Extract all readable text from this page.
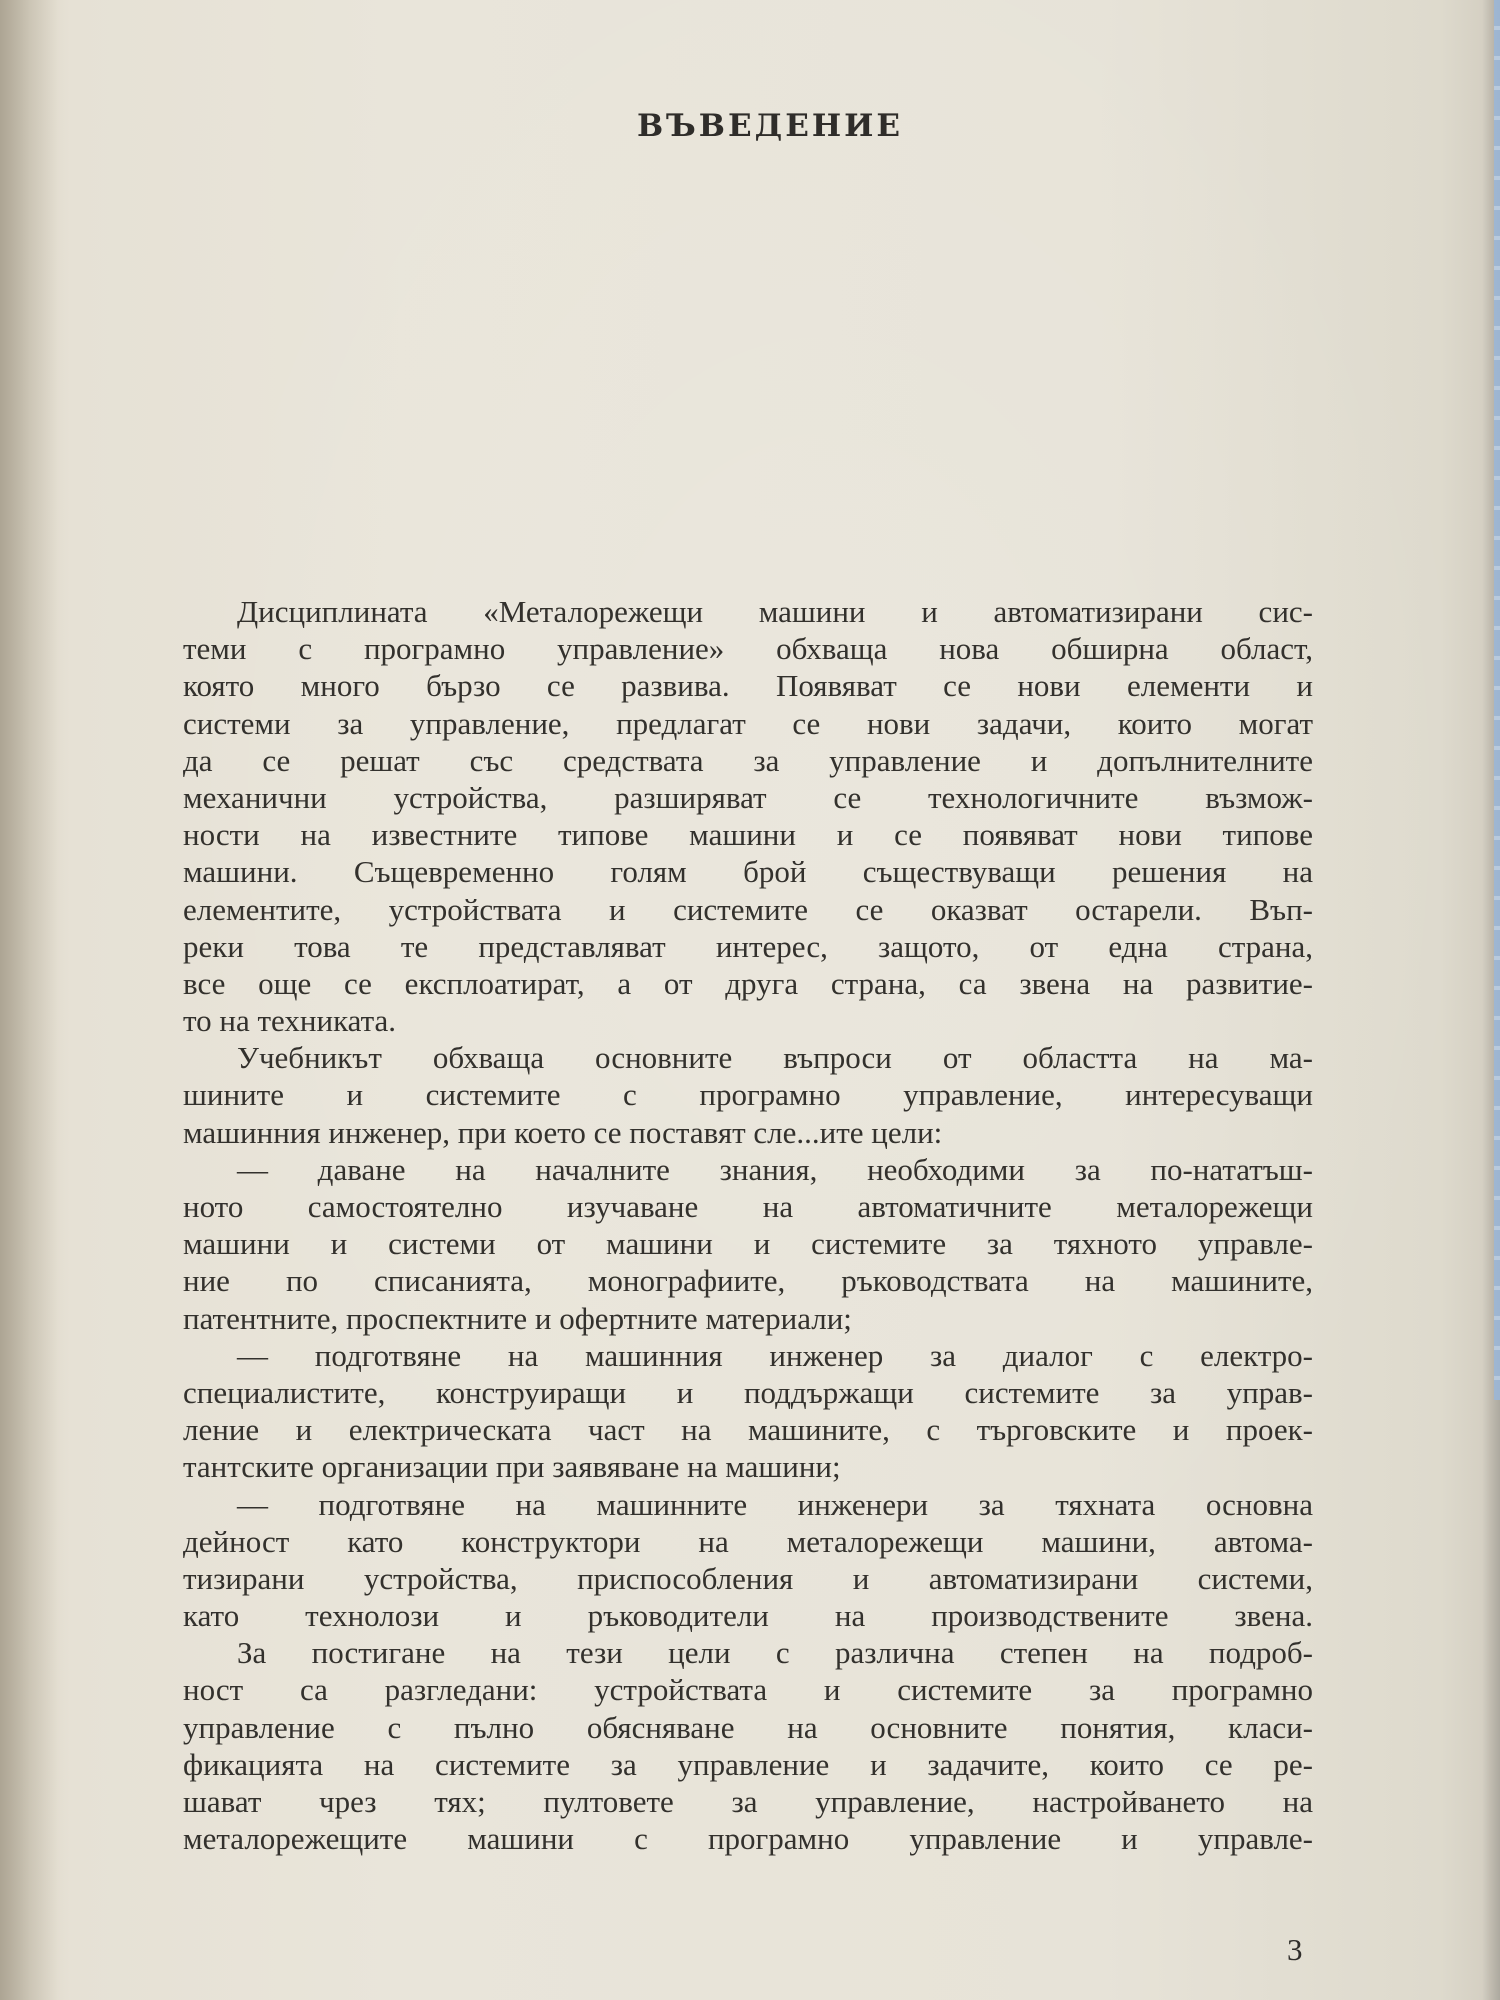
ВЪВЕДЕНИЕ
Дисциплината «Металорежещи машини и автоматизирани сис-
теми с програмно управление» обхваща нова обширна област,
която много бързо се развива. Появяват се нови елементи и
системи за управление, предлагат се нови задачи, които могат
да се решат със средствата за управление и допълнителните
механични устройства, разширяват се технологичните възмож-
ности на известните типове машини и се появяват нови типове
машини. Същевременно голям брой съществуващи решения на
елементите, устройствата и системите се оказват остарели. Въп-
реки това те представляват интерес, защото, от една страна,
все още се експлоатират, а от друга страна, са звена на развитие-
то на техниката.
Учебникът обхваща основните въпроси от областта на ма-
шините и системите с програмно управление, интересуващи
машинния инженер, при което се поставят сле...ите цели:
— даване на началните знания, необходими за по-нататъш-
ното самостоятелно изучаване на автоматичните металорежещи
машини и системи от машини и системите за тяхното управле-
ние по списанията, монографиите, ръководствата на машините,
патентните, проспектните и офертните материали;
— подготвяне на машинния инженер за диалог с електро-
специалистите, конструиращи и поддържащи системите за управ-
ление и електрическата част на машините, с търговските и проек-
тантските организации при заявяване на машини;
— подготвяне на машинните инженери за тяхната основна
дейност като конструктори на металорежещи машини, автома-
тизирани устройства, приспособления и автоматизирани системи,
като технолози и ръководители на производствените звена.
За постигане на тези цели с различна степен на подроб-
ност са разгледани: устройствата и системите за програмно
управление с пълно обясняване на основните понятия, класи-
фикацията на системите за управление и задачите, които се ре-
шават чрез тях; пултовете за управление, настройването на
металорежещите машини с програмно управление и управле-
3
